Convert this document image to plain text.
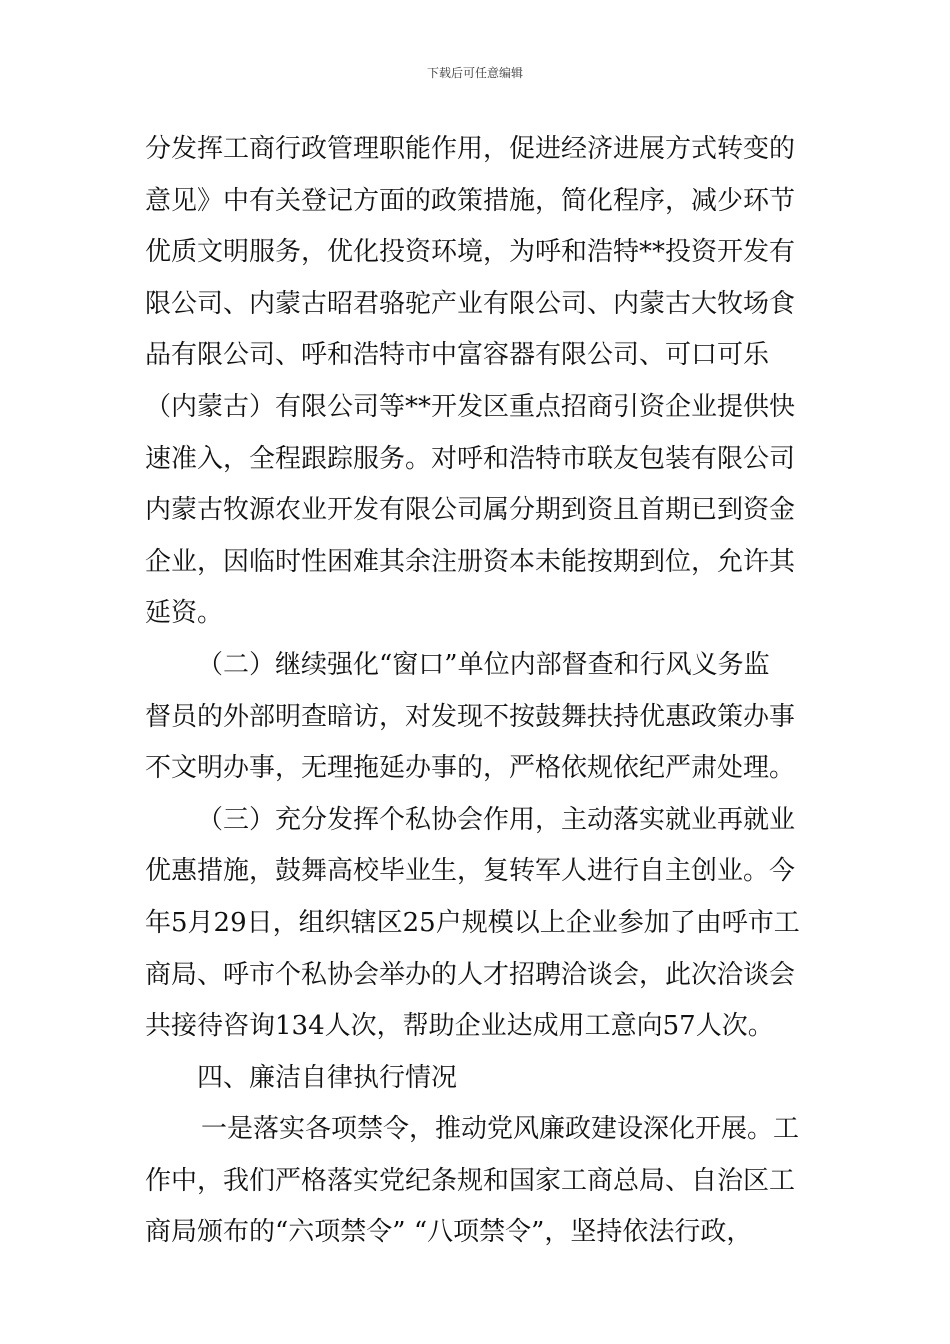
下载后可任意编辑
分发挥工商行政管理职能作用，促进经济进展方式转变的
意见》中有关登记方面的政策措施，简化程序，减少环节
优质文明服务，优化投资环境，为呼和浩特**投资开发有
限公司、内蒙古昭君骆驼产业有限公司、内蒙古大牧场食
品有限公司、呼和浩特市中富容器有限公司、可口可乐
（内蒙古）有限公司等**开发区重点招商引资企业提供快
速准入，全程跟踪服务。对呼和浩特市联友包装有限公司
内蒙古牧源农业开发有限公司属分期到资且首期已到资金
企业，因临时性困难其余注册资本未能按期到位，允许其
延资。
（二）继续强化“窗口”单位内部督查和行风义务监
督员的外部明查暗访，对发现不按鼓舞扶持优惠政策办事
不文明办事，无理拖延办事的，严格依规依纪严肃处理。
（三）充分发挥个私协会作用，主动落实就业再就业
优惠措施，鼓舞高校毕业生，复转军人进行自主创业。今
年5月29日，组织辖区25户规模以上企业参加了由呼市工
商局、呼市个私协会举办的人才招聘洽谈会，此次洽谈会
共接待咨询134人次，帮助企业达成用工意向57人次。
四、廉洁自律执行情况
一是落实各项禁令，推动党风廉政建设深化开展。工
作中，我们严格落实党纪条规和国家工商总局、自治区工
商局颁布的“六项禁令” “八项禁令”，坚持依法行政，
